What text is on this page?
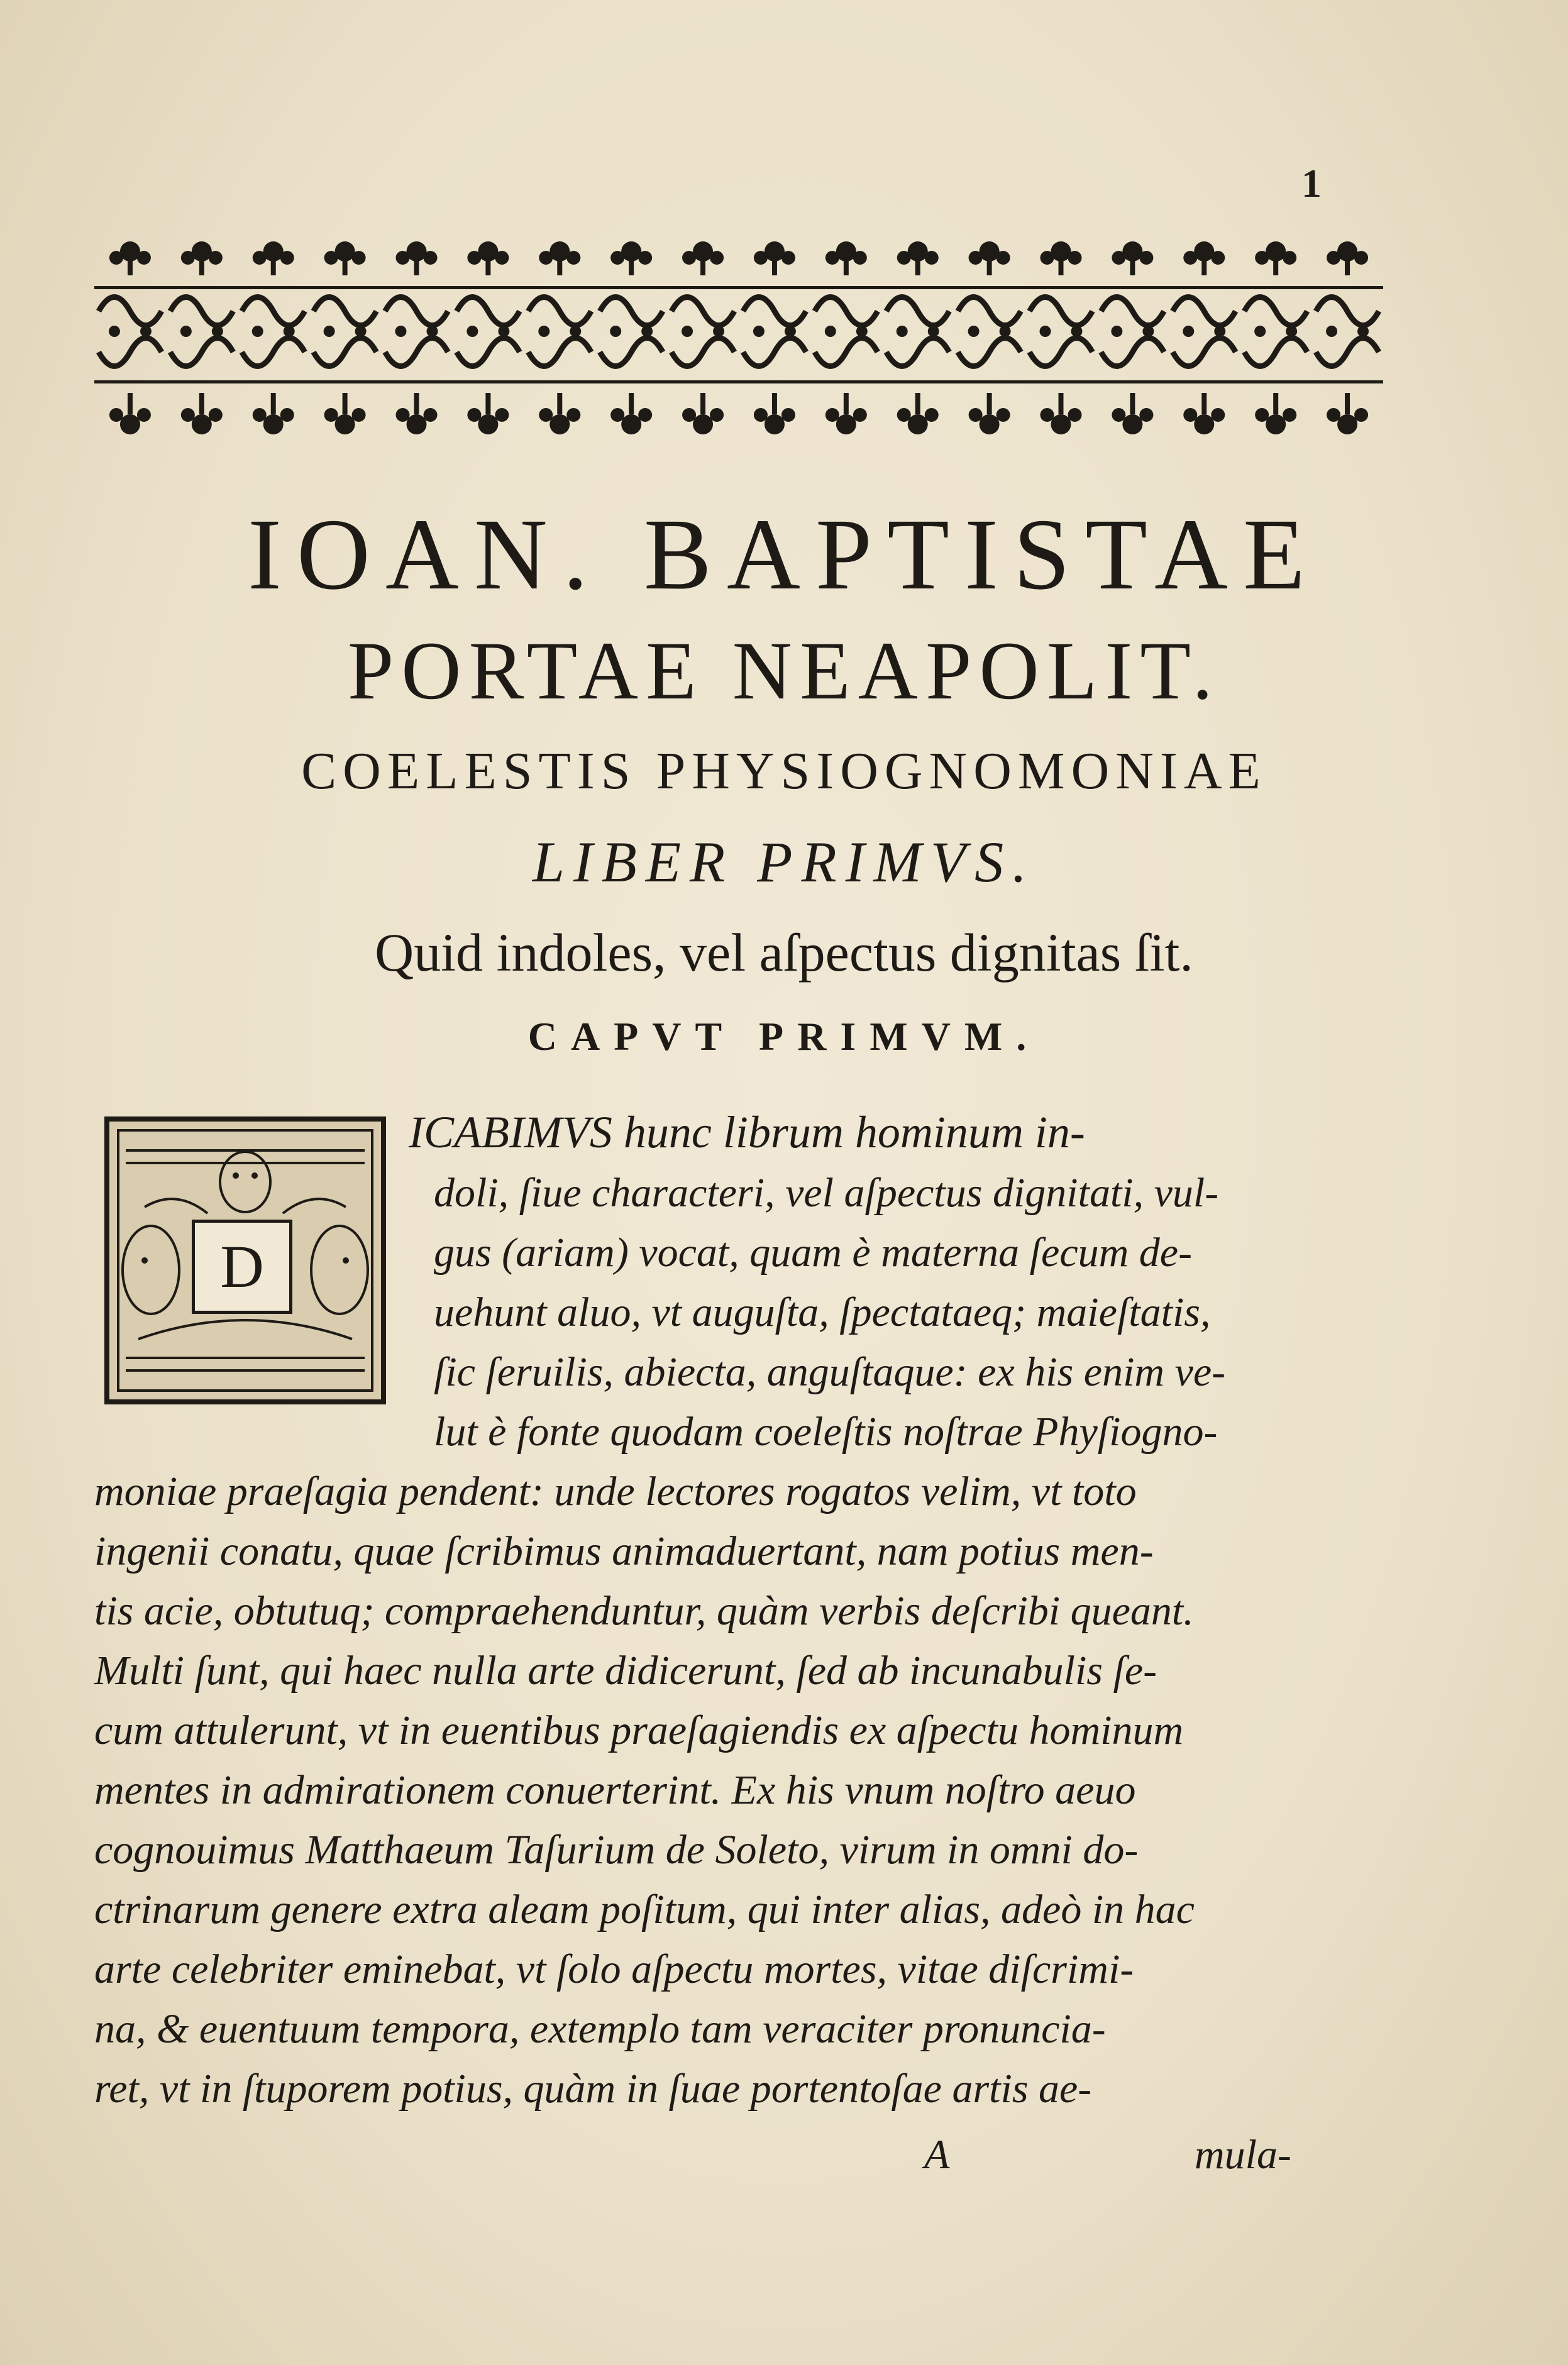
1
IOAN. BAPTISTAE
PORTAE NEAPOLIT.
COELESTIS PHYSIOGNOMONIAE
LIBER PRIMVS.
Quid indoles, vel aſpectus dignitas ſit.
CAPVT PRIMVM.
D
ICABIMVS hunc librum hominum in-
doli, ſiue characteri, vel aſpectus dignitati, vul-
gus (ariam) vocat, quam è materna ſecum de-
uehunt aluo, vt auguſta, ſpectataeq; maieſtatis,
ſic ſeruilis, abiecta, anguſtaque: ex his enim ve-
lut è fonte quodam coeleſtis noſtrae Phyſiogno-
moniae praeſagia pendent: unde lectores rogatos velim, vt toto
ingenii conatu, quae ſcribimus animaduertant, nam potius men-
tis acie, obtutuq; compraehenduntur, quàm verbis deſcribi queant.
Multi ſunt, qui haec nulla arte didicerunt, ſed ab incunabulis ſe-
cum attulerunt, vt in euentibus praeſagiendis ex aſpectu hominum
mentes in admirationem conuerterint. Ex his vnum noſtro aeuo
cognouimus Matthaeum Taſurium de Soleto, virum in omni do-
ctrinarum genere extra aleam poſitum, qui inter alias, adeò in hac
arte celebriter eminebat, vt ſolo aſpectu mortes, vitae diſcrimi-
na, & euentuum tempora, extemplo tam veraciter pronuncia-
ret, vt in ſtuporem potius, quàm in ſuae portentoſae artis ae-
A	mula-
